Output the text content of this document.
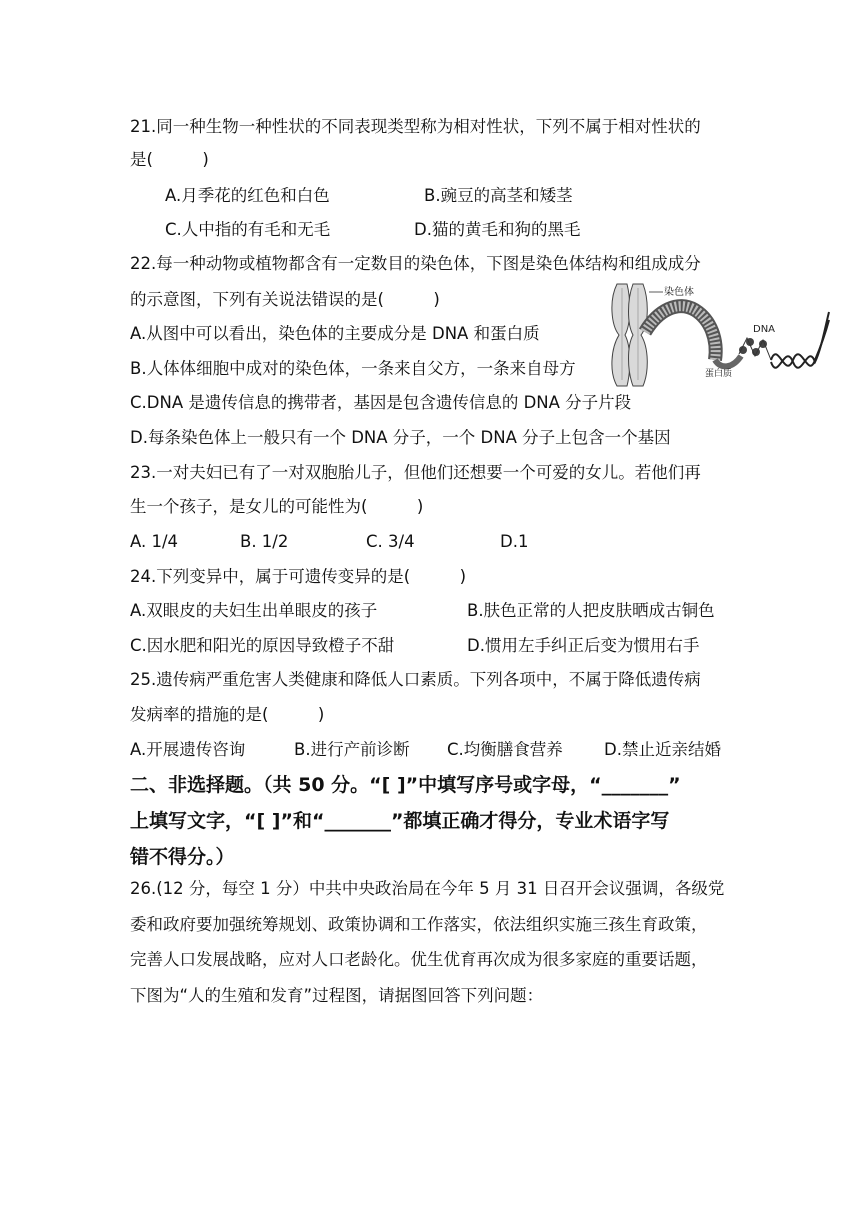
21.同一种生物一种性状的不同表现类型称为相对性状，下列不属于相对性状的
是(　　　)
A.月季花的红色和白色	B.豌豆的高茎和矮茎
C.人中指的有毛和无毛	D.猫的黄毛和狗的黑毛
22.每一种动物或植物都含有一定数目的染色体，下图是染色体结构和组成成分
的示意图，下列有关说法错误的是(　　　)
A.从图中可以看出，染色体的主要成分是 DNA 和蛋白质
B.人体体细胞中成对的染色体，一条来自父方，一条来自母方
C.DNA 是遗传信息的携带者，基因是包含遗传信息的 DNA 分子片段
D.每条染色体上一般只有一个 DNA 分子，一个 DNA 分子上包含一个基因
染色体
DNA
蛋白质
23.一对夫妇已有了一对双胞胎儿子，但他们还想要一个可爱的女儿。若他们再
生一个孩子，是女儿的可能性为(　　　)
A. 1/4	B. 1/2	C. 3/4	D.1
24.下列变异中，属于可遗传变异的是(　　　)
A.双眼皮的夫妇生出单眼皮的孩子	B.肤色正常的人把皮肤晒成古铜色
C.因水肥和阳光的原因导致橙子不甜	D.惯用左手纠正后变为惯用右手
25.遗传病严重危害人类健康和降低人口素质。下列各项中，不属于降低遗传病
发病率的措施的是(　　　)
A.开展遗传咨询	B.进行产前诊断 C.均衡膳食营养 D.禁止近亲结婚
二、非选择题。（共 50 分。“[ ]”中填写序号或字母，“_______”
上填写文字，“[ ]”和“_______”都填正确才得分，专业术语字写
错不得分。）
26.(12 分，每空 1 分）中共中央政治局在今年 5 月 31 日召开会议强调，各级党
委和政府要加强统筹规划、政策协调和工作落实，依法组织实施三孩生育政策，
完善人口发展战略，应对人口老龄化。优生优育再次成为很多家庭的重要话题，
下图为“人的生殖和发育”过程图，请据图回答下列问题：
